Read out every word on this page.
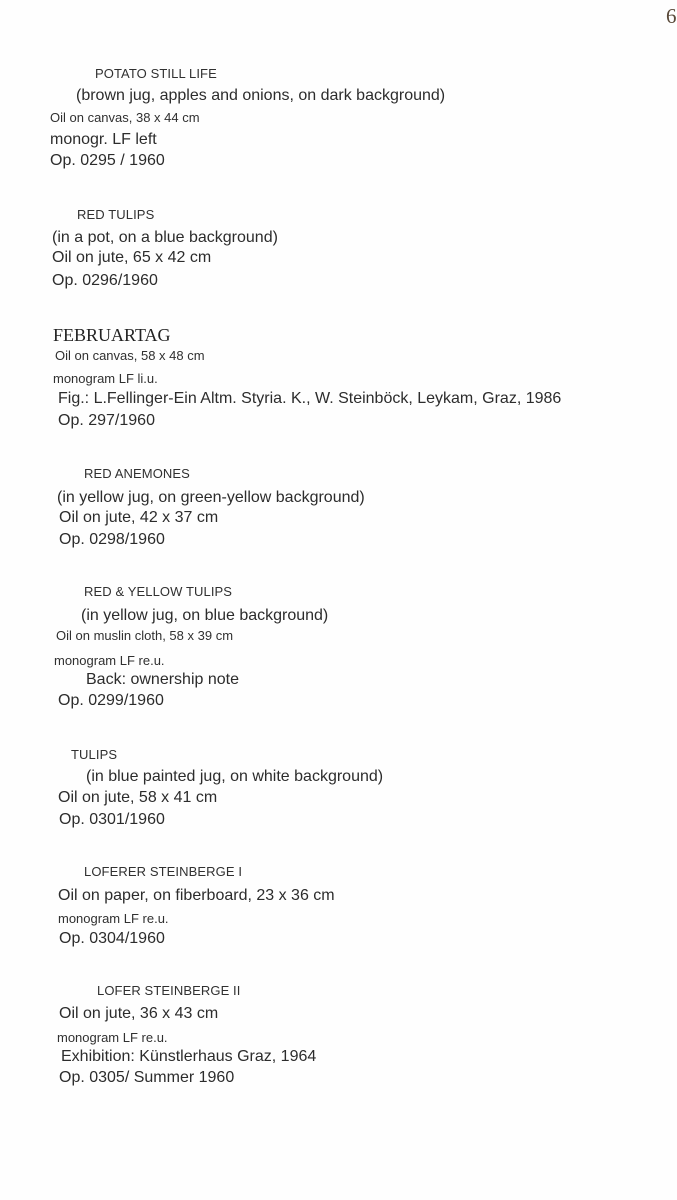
6
POTATO STILL LIFE
(brown jug, apples and onions, on dark background)
Oil on canvas, 38 x 44 cm
monogr. LF left
Op. 0295 / 1960
RED TULIPS
(in a pot, on a blue background)
Oil on jute, 65 x 42 cm
Op. 0296/1960
FEBRUARTAG
Oil on canvas, 58 x 48 cm
monogram LF li.u.
Fig.: L.Fellinger-Ein Altm. Styria. K., W. Steinböck, Leykam, Graz, 1986
Op. 297/1960
RED ANEMONES
(in yellow jug, on green-yellow background)
Oil on jute, 42 x 37 cm
Op. 0298/1960
RED & YELLOW TULIPS
(in yellow jug, on blue background)
Oil on muslin cloth, 58 x 39 cm
monogram LF re.u.
Back: ownership note
Op. 0299/1960
TULIPS
(in blue painted jug, on white background)
Oil on jute, 58 x 41 cm
Op. 0301/1960
LOFERER STEINBERGE I
Oil on paper, on fiberboard, 23 x 36 cm
monogram LF re.u.
Op. 0304/1960
LOFER STEINBERGE II
Oil on jute, 36 x 43 cm
monogram LF re.u.
Exhibition: Künstlerhaus Graz, 1964
Op. 0305/ Summer 1960
